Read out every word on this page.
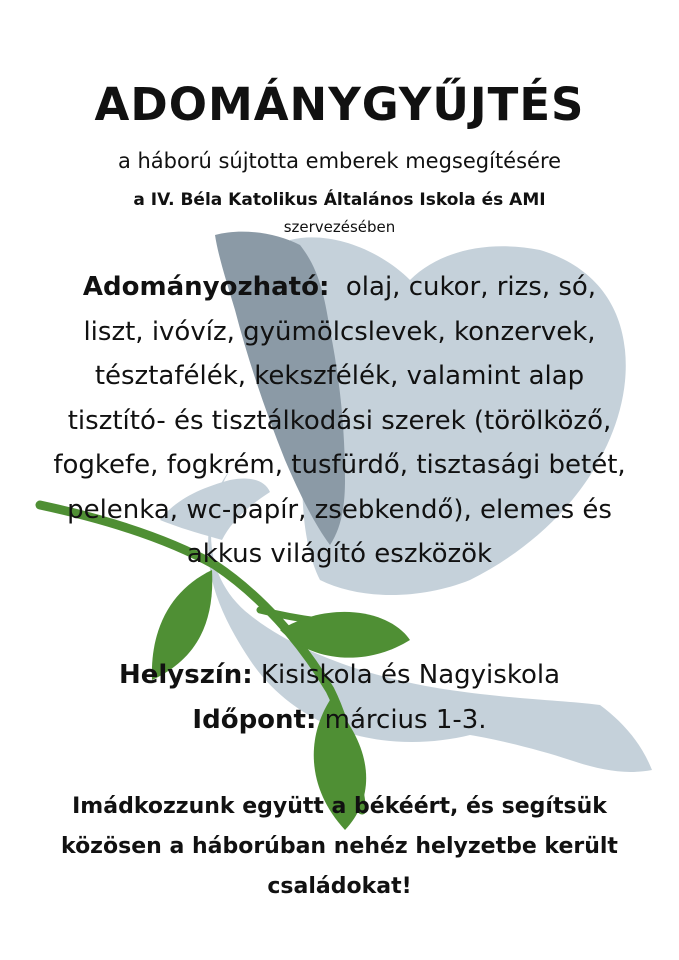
ADOMÁNYGYŰJTÉS
a háború sújtotta emberek megsegítésére
a IV. Béla Katolikus Általános Iskola és AMI
szervezésében
Adományozható: olaj, cukor, rizs, só, liszt, ivóvíz, gyümölcslevek, konzervek, tésztafélék, kekszfélék, valamint alap tisztító- és tisztálkodási szerek (törölköző, fogkefe, fogkrém, tusfürdő, tisztasági betét, pelenka, wc-papír, zsebkendő), elemes és akkus világító eszközök
Helyszín: Kisiskola és Nagyiskola
Időpont: március 1-3.
Imádkozzunk együtt a békéért, és segítsük közösen a háborúban nehéz helyzetbe került családokat!
